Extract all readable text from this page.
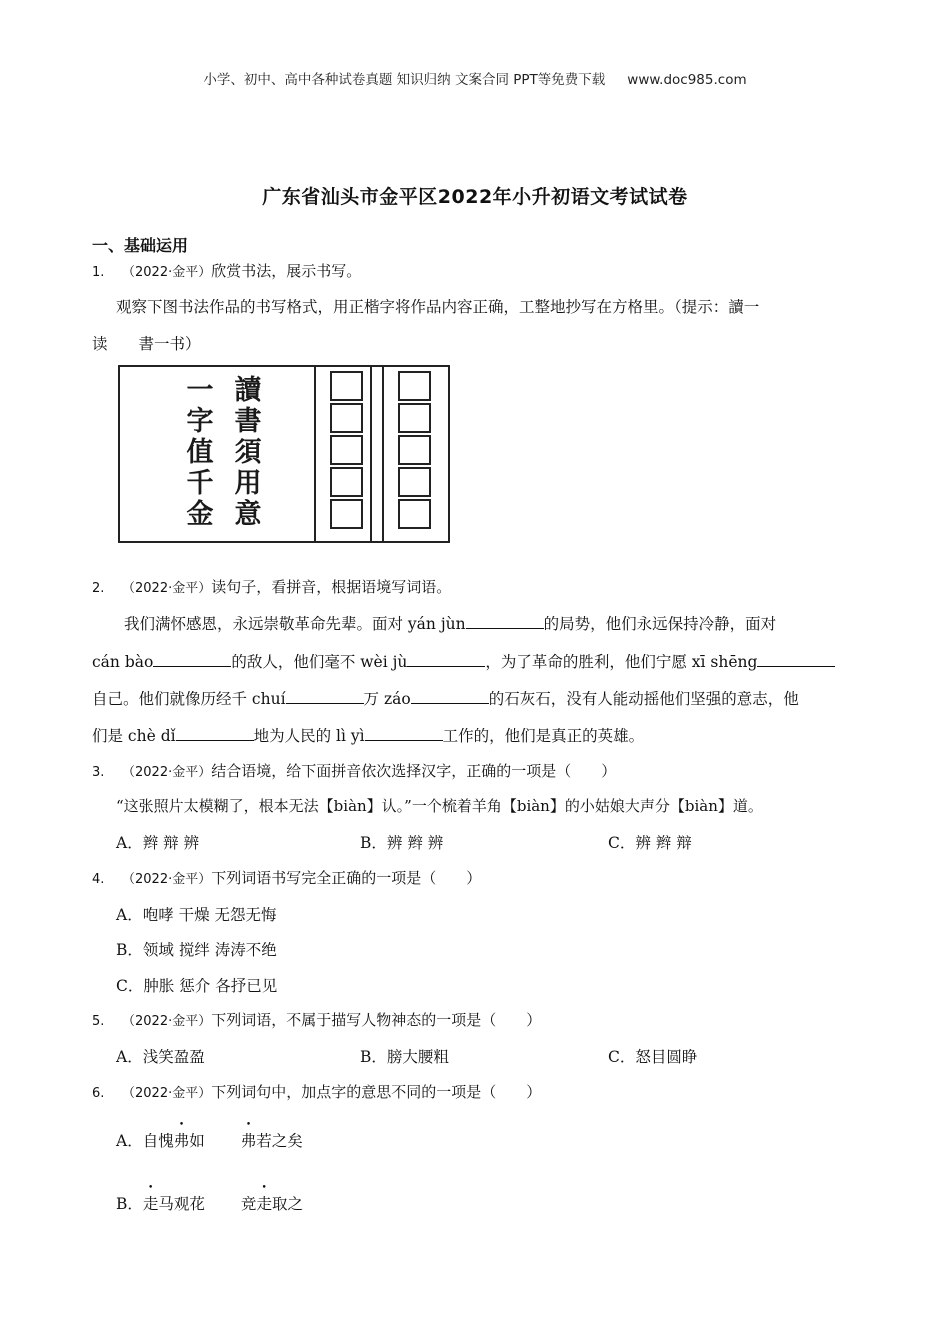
小学、初中、高中各种试卷真题 知识归纳 文案合同 PPT等免费下载 www.doc985.com
广东省汕头市金平区2022年小升初语文考试试卷
一、基础运用
1. （2022·金平）欣赏书法，展示书写。
观察下图书法作品的书写格式，用正楷字将作品内容正确，工整地抄写在方格里。（提示：讀一
读　　書一书）
讀
書
須
用
意
一
字
值
千
金
2. （2022·金平）读句子，看拼音，根据语境写词语。
我们满怀感恩，永远崇敬革命先辈。面对 yán jùn	的局势，他们永远保持冷静，面对
cán bào	的敌人，他们毫不 wèi jù	，为了革命的胜利，他们宁愿 xī shēng
自己。他们就像历经千 chuí	万 záo	的石灰石，没有人能动摇他们坚强的意志，他
们是 chè dǐ	地为人民的 lì yì	工作的，他们是真正的英雄。
3. （2022·金平）结合语境，给下面拼音依次选择汉字，正确的一项是（　　）
“这张照片太模糊了，根本无法【biàn】认。”一个梳着羊角【biàn】的小姑娘大声分【biàn】道。
A．辫 辩 辨	B．辨 辫 辨	C．辨 辫 辩
4. （2022·金平）下列词语书写完全正确的一项是（　　）
A．咆哮 干燥 无怨无悔
B．领域 搅绊 涛涛不绝
C．肿胀 惩介 各抒已见
5. （2022·金平）下列词语，不属于描写人物神态的一项是（　　）
A．浅笑盈盈	B．膀大腰粗	C．怒目圆睁
6. （2022·金平）下列词句中，加点字的意思不同的一项是（　　）
A．自愧弗如 弗若之矣
B．走马观花 竞走取之
